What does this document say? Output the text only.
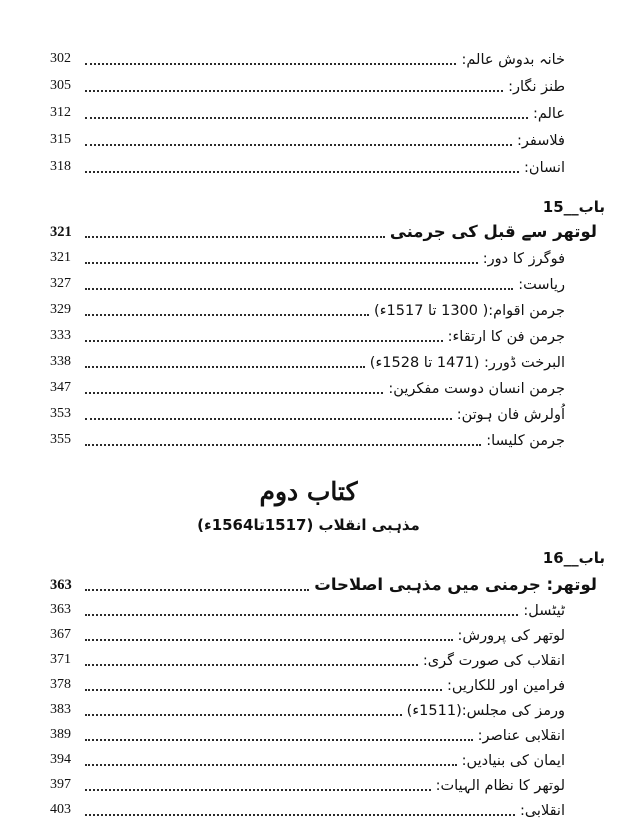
خانہ بدوش عالم:
302
طنز نگار:
305
عالم:
312
فلاسفر:
315
انسان:
318
باب__15
لوتھر سے قبل کی جرمنی
321
فوگرز کا دور:
321
ریاست:
327
جرمن اقوام:( 1300 تا 1517ء)
329
جرمن فن کا ارتقاء:
333
البرخت ڈورر: (1471 تا 1528ء)
338
جرمن انسان دوست مفکرین:
347
اُولرش فان ہوتن:
353
جرمن کلیسا:
355
کتاب دوم
مذہبی انقلاب (1517تا1564ء)
باب__16
لوتھر: جرمنی میں مذہبی اصلاحات
363
ٹیٹسل:
363
لوتھر کی پرورش:
367
انقلاب کی صورت گری:
371
فرامین اور للکاریں:
378
ورمز کی مجلس:(1511ء)
383
انقلابی عناصر:
389
ایمان کی بنیادیں:
394
لوتھر کا نظام الہیات:
397
انقلابی:
403
